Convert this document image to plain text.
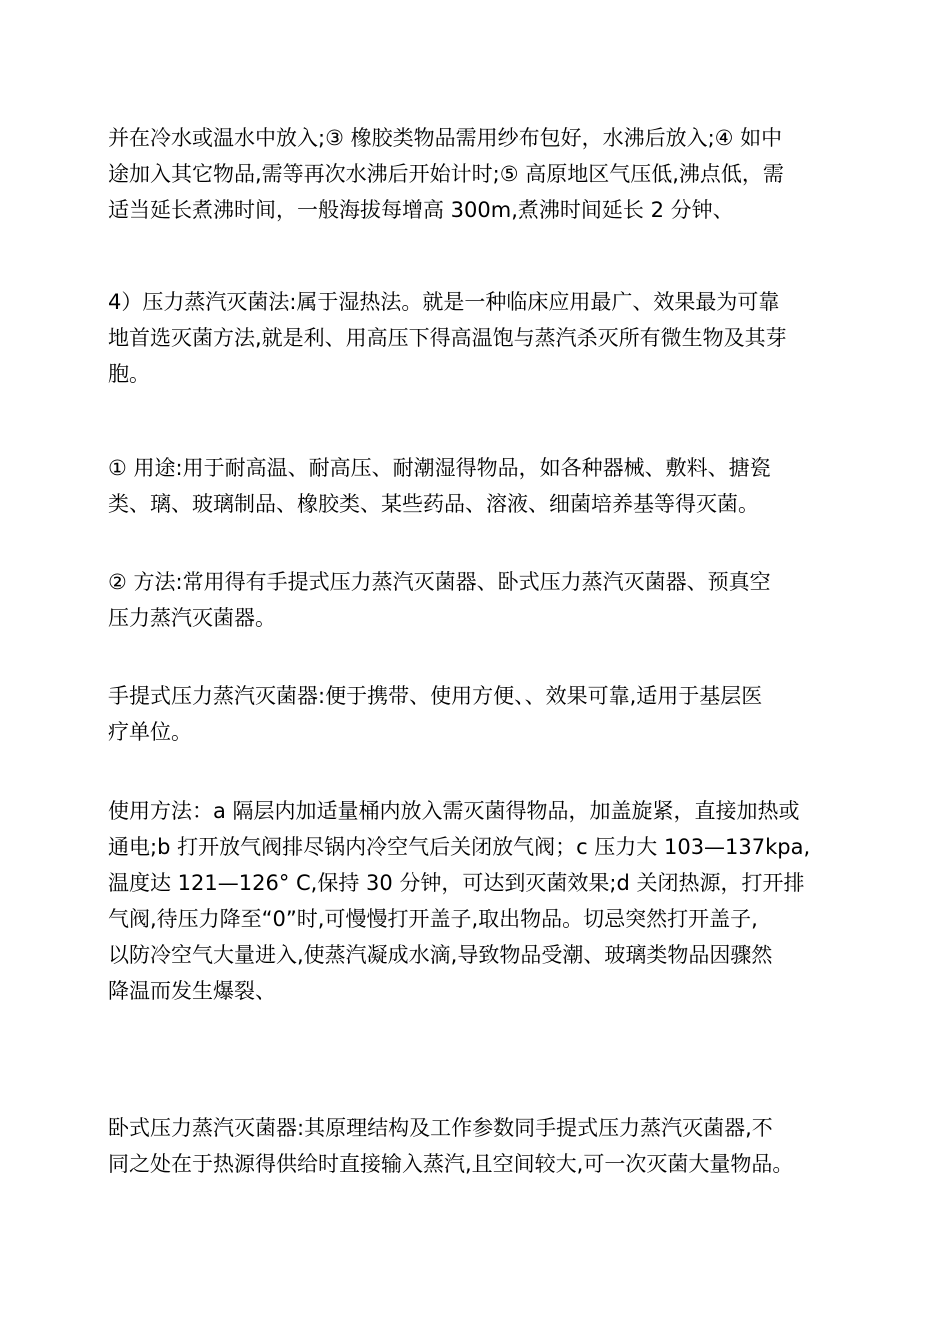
并在冷水或温水中放入;③ 橡胶类物品需用纱布包好，水沸后放入;④ 如中
途加入其它物品,需等再次水沸后开始计时;⑤ 高原地区气压低,沸点低，需
适当延长煮沸时间，一般海拔每增高 300m,煮沸时间延长 2 分钟、
4）压力蒸汽灭菌法:属于湿热法。就是一种临床应用最广、效果最为可靠
地首选灭菌方法,就是利、用高压下得高温饱与蒸汽杀灭所有微生物及其芽
胞。
① 用途:用于耐高温、耐高压、耐潮湿得物品，如各种器械、敷料、搪瓷
类、璃、玻璃制品、橡胶类、某些药品、溶液、细菌培养基等得灭菌。
② 方法:常用得有手提式压力蒸汽灭菌器、卧式压力蒸汽灭菌器、预真空
压力蒸汽灭菌器。
手提式压力蒸汽灭菌器:便于携带、使用方便、、效果可靠,适用于基层医
疗单位。
使用方法：a 隔层内加适量桶内放入需灭菌得物品，加盖旋紧，直接加热或
通电;b 打开放气阀排尽锅内冷空气后关闭放气阀；c 压力大 103—137kpa,
温度达 121—126° C,保持 30 分钟，可达到灭菌效果;d 关闭热源，打开排
气阀,待压力降至“0”时,可慢慢打开盖子,取出物品。切忌突然打开盖子,
以防冷空气大量进入,使蒸汽凝成水滴,导致物品受潮、玻璃类物品因骤然
降温而发生爆裂、
卧式压力蒸汽灭菌器:其原理结构及工作参数同手提式压力蒸汽灭菌器,不
同之处在于热源得供给时直接输入蒸汽,且空间较大,可一次灭菌大量物品。
